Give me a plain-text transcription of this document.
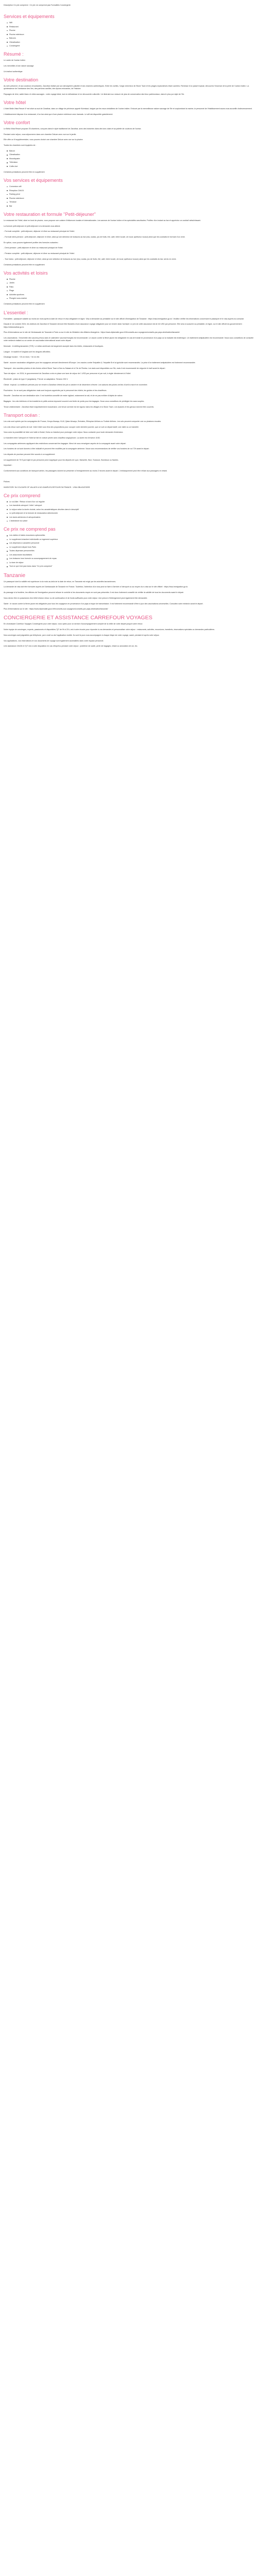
Description Ce prix comprend : Ce prix ne comprend pas Formalités Conciergerie

Services et équipements
Wifi
Restaurant
Piscine
Piscine extérieure
Balcons
Climatisation
Conciergerie
Résumé :

Le cadre de l'océan Indien

Les merveilles d'une nature sauvage

Un instinct authentique

Votre destination

Au sein préservé, et aux couleurs envoûtantes, Zanzibar réalisé par son atmosphère paisible et ses charmes authentiques. Entre les ruelles, l'ange chercheur de Stone Town et les plages exploratrices étant cachées. Richesse d'un passé tropical, découvrez l'essence de la perle de l'océan Indien. La quintessence de l'ambiance des îles, des parfums vanillés, des épices enivrantes, de l'histoire.

Paysages de rêve, sable blanc et côtes sauvages : votre voyage idéal, tout en délicatesse et en découverte culturelle. Un itinéraire sur-mesure de plus de conservation des lieux patrimoniaux, dans le plus pur style de l'île.

Votre hôtel

L'hôtel Bella Vista Resort 4* est situé au sud de Zanzibar, dans un village de pêcheurs appelé Kizimkazi, baigné par les eaux cristallines de l'océan Indien. Entouré par la merveilleuse nature sauvage de l'île et surplombant la marine, le personnel de l'établissement saura vous accueillir chaleureusement.

L'établissement dispose d'un restaurant, d'un bar ainsi que d'une piscine extérieure avec transats. Le wifi est disponible gratuitement.

Votre confort

Le Bella Vista Resort propose 25 chambres, conçues dans le style traditionnel de Zanzibar, avec des boiseries dans des tons clairs et sa palette de couleurs de l'océan.

Pendant votre séjour, vous séjournerez dans une chambre Deluxe avec vue sur le jardin.

Elle offre un lit supplémentaire, vous pouvez choisir une chambre Deluxe avec vue sur la piscine.

Toutes les chambres sont équipées de :

Balcon
Climatisation
Moustiquaire
Télévision
Coffre-fort

Certaines prestations peuvent être en supplément

Vos services et équipements
Connexion wifi
Réception 24h/24
Parking privé
Piscine extérieure
Terrasse
Bar
Votre restauration et formule "Petit-déjeuner"

Le restaurant de l'hôtel, situé en bord de piscine, vous propose une cuisine d'influences locales et internationales. Les saveurs de l'océan Indien et les spécialités zanzibaries. Profitez d'un instant au bar et appréciez un cocktail rafraîchissant.

La formule petit-déjeuner et petit-déjeuner à la demande vous attend.

- Formule complète : petit-déjeuner, déjeuner et dîner au restaurant principal de l'hôtel.

- Formule demi-pension : petit-déjeuner, déjeuner et dîner, ainsi qu'une sélection de boissons au bar (eau, sodas, jus de fruits, thé, café, bière locale, vin local, spiritueux locaux) ainsi que les cocktails en formule d'un verre.

En option, vous pouvez également profiter des formules suivantes :

- Demi-pension : petit-déjeuner et dîner au restaurant principal de l'hôtel.

- Pension complète : petit-déjeuner, déjeuner et dîner au restaurant principal de l'hôtel.

- Tout inclus : petit-déjeuner, déjeuner et dîner, ainsi qu'une sélection de boissons au bar (eau, sodas, jus de fruits, thé, café, bière locale, vin local, spiritueux locaux) ainsi que les cocktails du bar, servis en verre.

Certaines prestations peuvent être en supplément

Vos activités et loisirs
Piscine
Jardin
Patio
Plage
Activités sportives
Plongée sous-marine

Certaines prestations peuvent être en supplément

L'essentiel :

Formalités : passeport valable au moins six mois après la date de retour et visa obligatoire en ligne. Visa à demander au préalable sur le site officiel d'immigration de Tanzanie : https://visa.immigration.go.tz/. Veuillez vérifier les informations concernant le passeport et le visa auprès du consulat.

Depuis le 1er octobre 2024, les visiteurs de Zanzibar et Tanzanie devront être titulaires d'une assurance voyage obligatoire pour se rendre dans l'archipel. Le prix de cette assurance est de 44 USD par personne. Elle sera à souscrire au préalable, en ligne, sur le site officiel du gouvernement : https://visitzanzibar.go.tz.

Plus d'informations sur le site de l'Ambassade de Tanzanie à Paris ou sur le site du Ministère des Affaires étrangères : https://www.diplomatie.gouv.fr/fr/conseils-aux-voyageurs/conseils-par-pays-destination/tanzanie/.

Les vaccinations : l'ensemble des vaccins prévus dans le calendrier vaccinal français est recommandé. Le vaccin contre la fièvre jaune est obligatoire en cas de transit en provenance d'un pays où la maladie est endémique. Un traitement antipaludéen est recommandé. Nous vous conseillons de consulter votre médecin traitant ou un centre de vaccination international avant votre départ.

Monnaie : le shilling tanzanien (TZS). Le dollar américain est largement accepté dans les hôtels, restaurants et boutiques.

Langue : le swahili et l'anglais sont les langues officielles.

Décalage horaire : +2h en hiver, +1h en été.

Santé : aucune vaccination obligatoire pour les voyageurs arrivant directement d'Europe. Les vaccins contre l'hépatite A, l'hépatite B et la typhoïde sont recommandés. La prise d'un traitement antipaludéen est fortement recommandée.

Transport : des navettes privées et des ferries relient Stone Town à Dar es-Salaam et à l'île de Pemba. Les taxis sont disponibles sur l'île, mais il est recommandé de négocier le tarif avant le départ.

Taxe de séjour : en 2024, le gouvernement de Zanzibar a mis en place une taxe de séjour de 1 USD par personne et par nuit, à régler directement à l'hôtel.

Électricité : prises de type G (anglaises). Prévoir un adaptateur. Tension 230 V.

Climat : tropical. La meilleure période pour se rendre à Zanzibar s'étend de juin à octobre et de décembre à février. Les saisons des pluies ont lieu d'avril à mai et en novembre.

Pourboires : ils ne sont pas obligatoires mais sont toujours appréciés par le personnel des hôtels, les guides et les chauffeurs.

Sécurité : Zanzibar est une destination sûre. Il est toutefois conseillé de rester vigilant, notamment la nuit, et de ne pas exhiber d'objets de valeur.

Bagages : les vols intérieurs et les transferts en petits avions imposent souvent une limite de poids pour les bagages. Nous vous conseillons de privilégier les sacs souples.

Tenue vestimentaire : Zanzibar étant majoritairement musulmane, une tenue correcte est de rigueur dans les villages et à Stone Town. Les épaules et les genoux doivent être couverts.

Transport océan :

Les vols sont opérés par les compagnies Air France, Kenya Airways, KLM, Qatar Airways, Emirates, Ethiopian Airlines ou Turkish Airlines. Les vols peuvent comporter une ou plusieurs escales.

Les vols retour sont opérés de nuit. Votre hôtel vous fera des propositions pour occuper votre dernière journée, que ce soit un départ tardif, une visite ou un transfert.

Vous avez la possibilité de faire une halte à Dubaï, Doha ou Istanbul pour prolonger votre séjour. Nous contacter pour toute demande d'extension.

Le transfert entre l'aéroport et l'hôtel se fait en voiture privée avec chauffeur anglophone. La durée est d'environ 1h30.

Les compagnies aériennes appliquent des restrictions concernant les bagages. Merci de vous renseigner auprès de la compagnie avant votre départ.

Les horaires de vol sont donnés à titre indicatif et peuvent être modifiés par la compagnie aérienne. Nous vous recommandons de vérifier vos horaires de vol 72h avant le départ.

Les départs de province peuvent être soumis à un supplément.

Un supplément de 70 € par trajet et par personne peut s'appliquer pour les départs de Lyon, Marseille, Nice, Toulouse, Bordeaux ou Nantes.

Important :

Conformément aux conditions de transport aérien, les passagers doivent se présenter à l'enregistrement au moins 3 heures avant le départ. L'embarquement peut être refusé aux passagers en retard.

Polices

INVENTORY IN COLOURS OF VALUES & NO-SAMPLES-RETOUR EN FRANCE - VISA OBLIGATOIRE

Ce prix comprend
Le vol Aller / Retour à bord d'un vol régulier
Les transferts aéroport / hôtel / aéroport
Le séjour selon la durée choisie, selon les caractéristiques décrites dans le descriptif
Le petit-déjeuner et la formule de restauration sélectionnée
Les taxes aériennes et aéroportuaires
L'assistance sur place
Ce prix ne comprend pas
Les visites et loisirs excursions optionnelles
Le supplément chambre individuelle ou logement supérieur
Les dépenses à caractère personnel
Le supplément départ hors Paris
Toutes dépenses personnelles
Les assurances facultatives
Les boissons hors formule ou accompagnement de repas
La taxe de séjour
Tout ce qui n'est pas inclus dans "Ce prix comprend"
Tanzanie

Un passeport dont la validité est supérieure à six mois au-delà de la date de retour, en Tanzanie est exigé par les autorités tanzaniennes.

La demande de visa doit être formulée auprès de l'Ambassade de Tanzanie en France. Toutefois, l'obtention d'un visa peut se faire à l'arrivée à l'aéroport ou au moyen du e-visa sur le site officiel : https://visa.immigration.go.tz.

Au passage à la frontière, les officiers de l'immigration peuvent refuser le contrôle si les documents requis ne sont pas présentés. Il est donc fortement conseillé de vérifier la validité de tous les documents avant le départ.

Vous devez être en possession d'un billet d'avion retour ou de continuation et de fonds suffisants pour votre séjour. Une preuve d'hébergement peut également être demandée.

Santé : le vaccin contre la fièvre jaune est obligatoire pour tous les voyageurs en provenance d'un pays à risque de transmission. Il est fortement recommandé d'être à jour des vaccinations universelles. Consultez votre médecin avant le départ.

Plus d'informations sur le site : https://www.diplomatie.gouv.fr/fr/conseils-aux-voyageurs/conseils-par-pays-destination/tanzanie/

CONCIERGERIE ET ASSISTANCE CARREFOUR VOYAGES

En choisissant Carrefour Voyages Conciergerie pour votre séjour, vous optez pour un service d'accompagnement complet de la veille de votre départ jusqu'à votre retour.

Notre équipe de concierges, experts, passionnés et disponibles 7j/7 de 9h à 21h, est à votre écoute pour répondre à vos demandes et personnaliser votre séjour : restaurants, activités, excursions, transferts, réservations spéciales ou demandes particulières.

Nos concierges sont joignables par téléphone, par e-mail ou via l'application mobile. Ils sont là pour vous accompagner à chaque étape de votre voyage, avant, pendant et après votre séjour.

Vos applications, vos réservations et vos documents de voyage sont également accessibles dans votre espace personnel.

Une assistance 24h/24 et 7j/7 est à votre disposition en cas d'imprévu pendant votre séjour : problème de santé, perte de bagages, retard ou annulation de vol, etc.
